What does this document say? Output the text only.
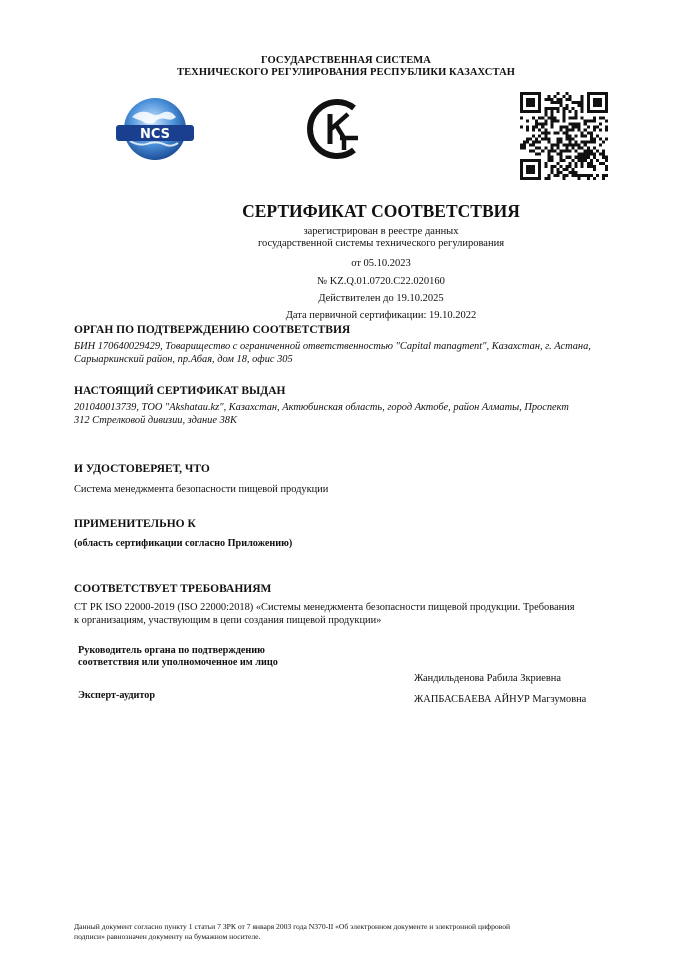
ГОСУДАРСТВЕННАЯ СИСТЕМА
ТЕХНИЧЕСКОГО РЕГУЛИРОВАНИЯ РЕСПУБЛИКИ КАЗАХСТАН
NCS
СЕРТИФИКАТ СООТВЕТСТВИЯ
зарегистрирован в реестре данных
государственной системы технического регулирования
от 05.10.2023
№ KZ.Q.01.0720.C22.020160
Действителен до 19.10.2025
Дата первичной сертификации: 19.10.2022
ОРГАН ПО ПОДТВЕРЖДЕНИЮ СООТВЕТСТВИЯ
БИН 170640029429, Товарищество с ограниченной ответственностью "Capital managment", Казахстан, г. Астана,
Сарыаркинский район, пр.Абая, дом 18, офис 305
НАСТОЯЩИЙ СЕРТИФИКАТ ВЫДАН
201040013739, ТОО "Akshatau.kz", Казахстан, Актюбинская область, город Актобе, район Алматы, Проспект
312 Стрелковой дивизии, здание 38К
И УДОСТОВЕРЯЕТ, ЧТО
Система менеджмента безопасности пищевой продукции
ПРИМЕНИТЕЛЬНО К
(область сертификации согласно Приложению)
СООТВЕТСТВУЕТ ТРЕБОВАНИЯМ
СТ РК ISO 22000-2019 (ISO 22000:2018) «Системы менеджмента безопасности пищевой продукции. Требования
к организациям, участвующим в цепи создания пищевой продукции»
Руководитель органа по подтверждению
соответствия или уполномоченное им лицо
Жандильденова Рабила Зкриевна
Эксперт-аудитор	ЖАПБАСБАЕВА АЙНУР Магзумовна
Данный документ согласно пункту 1 статьи 7 ЗРК от 7 января 2003 года N370-II «Об электронном документе и электронной цифровой
подписи» равнозначен документу на бумажном носителе.
